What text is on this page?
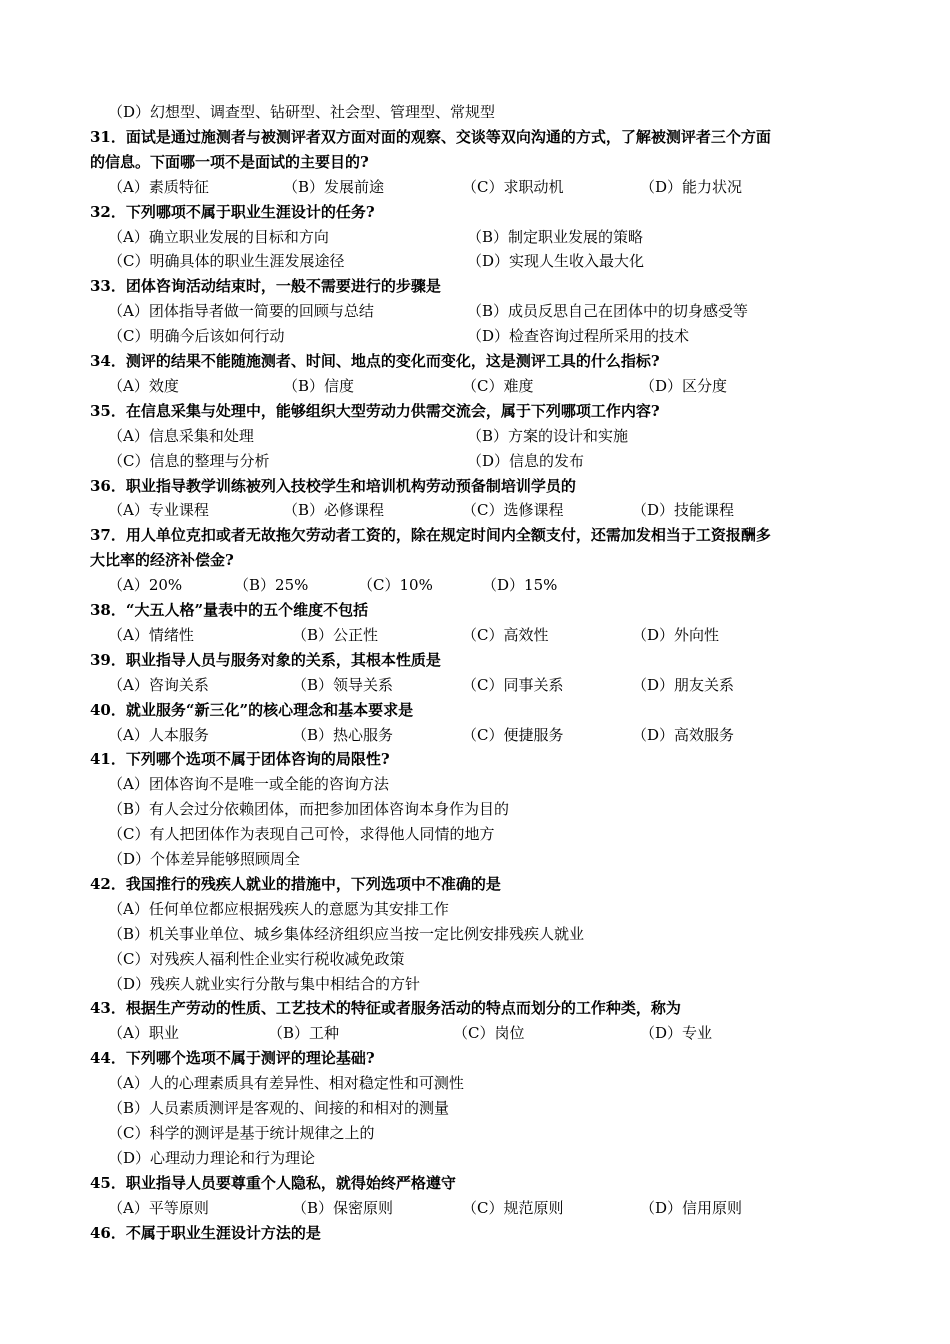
（D）幻想型、调查型、钻研型、社会型、管理型、常规型
31．面试是通过施测者与被测评者双方面对面的观察、交谈等双向沟通的方式，了解被测评者三个方面
的信息。下面哪一项不是面试的主要目的?
（A）素质特征	（B）发展前途	（C）求职动机	（D）能力状况
32．下列哪项不属于职业生涯设计的任务?
（A）确立职业发展的目标和方向	（B）制定职业发展的策略
（C）明确具体的职业生涯发展途径	（D）实现人生收入最大化
33．团体咨询活动结束时，一般不需要进行的步骤是
（A）团体指导者做一简要的回顾与总结	（B）成员反思自己在团体中的切身感受等
（C）明确今后该如何行动	（D）检查咨询过程所采用的技术
34．测评的结果不能随施测者、时间、地点的变化而变化，这是测评工具的什么指标?
（A）效度	（B）信度	（C）难度	（D）区分度
35．在信息采集与处理中，能够组织大型劳动力供需交流会，属于下列哪项工作内容?
（A）信息采集和处理	（B）方案的设计和实施
（C）信息的整理与分析	（D）信息的发布
36．职业指导教学训练被列入技校学生和培训机构劳动预备制培训学员的
（A）专业课程	（B）必修课程	（C）选修课程	（D）技能课程
37．用人单位克扣或者无故拖欠劳动者工资的，除在规定时间内全额支付，还需加发相当于工资报酬多
大比率的经济补偿金?
（A）20%	（B）25%	（C）10%	（D）15%
38．“大五人格”量表中的五个维度不包括
（A）情绪性	（B）公正性	（C）高效性	（D）外向性
39．职业指导人员与服务对象的关系，其根本性质是
（A）咨询关系	（B）领导关系	（C）同事关系	（D）朋友关系
40．就业服务“新三化”的核心理念和基本要求是
（A）人本服务	（B）热心服务	（C）便捷服务	（D）高效服务
41．下列哪个选项不属于团体咨询的局限性?
（A）团体咨询不是唯一或全能的咨询方法
（B）有人会过分依赖团体，而把参加团体咨询本身作为目的
（C）有人把团体作为表现自己可怜，求得他人同情的地方
（D）个体差异能够照顾周全
42．我国推行的残疾人就业的措施中，下列选项中不准确的是
（A）任何单位都应根据残疾人的意愿为其安排工作
（B）机关事业单位、城乡集体经济组织应当按一定比例安排残疾人就业
（C）对残疾人福利性企业实行税收减免政策
（D）残疾人就业实行分散与集中相结合的方针
43．根据生产劳动的性质、工艺技术的特征或者服务活动的特点而划分的工作种类，称为
（A）职业	（B）工种	（C）岗位	（D）专业
44．下列哪个选项不属于测评的理论基础?
（A）人的心理素质具有差异性、相对稳定性和可测性
（B）人员素质测评是客观的、间接的和相对的测量
（C）科学的测评是基于统计规律之上的
（D）心理动力理论和行为理论
45．职业指导人员要尊重个人隐私，就得始终严格遵守
（A）平等原则	（B）保密原则	（C）规范原则	（D）信用原则
46．不属于职业生涯设计方法的是
